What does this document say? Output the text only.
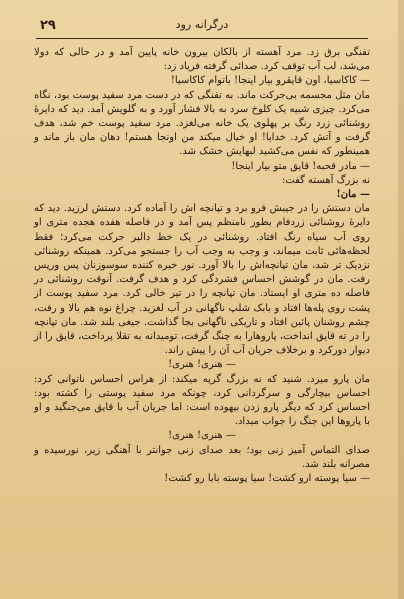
۲۹	درگرانه رود

تفنگی برق زد. مرد آهسته از بالکان بیرون خانه پایین آمد و در حالی که دولا می‌شد، لب آب توقف کرد. صدائی گرفته فریاد زد:

— کاکاسیا، اون قایقرو بیار اینجا! باتوام کاکاسیا!

مان مثل مجسمه بی‌حرکت ماند. به تفنگی که در دست مرد سفید پوست بود، نگاه می‌کرد. چیزی شبیه یک کلوخ سرد به بالا فشار آورد و به گلویش آمد. دید که دایرهٔ روشنائی زرد رنگ بر پهلوی یک خانه می‌لغزد. مرد سفید پوست خم شد، هدف گرفت و آتش کرد. خدایا! او خیال میکند من اونجا هستم! دهان مان باز ماند و همینطور که نفس می‌کشید لبهایش خشک شد.

— مادر قحبه! قایق متو بیار اینجا!

نه بزرگ آهسته گفت:

— مان!

مان دستش را در جیبش فرو برد و تپانچه اش را آماده کرد. دستش لرزید. دید که دایرهٔ روشنائی زردفام بطور نامنظم پس آمد و در فاصله هفده هجده متری او روی آب سیاه رنگ افتاد. روشنائی در یک خط دالبر حرکت می‌کرد؛ فقط لحظه‌هائی ثابت میماند، و وجب به وجب آب را جستجو می‌کرد. همینکه روشنائی نزدیک تر شد، مان تپانچه‌اش را بالا آورد. نور خیره کننده سوسوزنان پس ورپس رفت. مان در گوشش احساس فشردگی کرد و هدف گرفت. آنوقت روشنائی در فاصله ده متری او ایستاد. مان تپانچه را در تیر خالی کرد. مرد سفید پوست از پشت روی پله‌ها افتاد و بابک شلپ ناگهانی در آب لغزید. چراغ نوه هم بالا و رفت، چشم روشنان پائین افتاد و تاریکی ناگهانی‌ بجا گذاشت. جیغی بلند شد. مان تپانچه را در ته قایق انداخت، پاروهارا به چنگ گرفت، تومیدانه به تقلا پرداخت، قایق را از دیوار دورکرد و برخلاف جریان آب آن را پیش راند.

— هنری! هنری!

مان پارو میزد. شنید که نه بزرگ گریه میکند: از هراس احساس ناتوانی کرد: احساس بیچارگی و سرگردانی کرد، چونکه مرد سفید پوستی را کشته بود: احساس کرد که دیگر پارو زدن بیهوده است: اما جریان آب با قایق می‌جنگید و او با پاروها این جنگ را جواب میداد.

— هنری! هنری!

صدای التماس آمیز زنی بود؛ بعد صدای زنی جوانتر با آهنگی زیر، نورسیده و مصرانه بلند شد.

— سیا پوسته ارو کشت! سیا پوسته بابا رو کشت!
